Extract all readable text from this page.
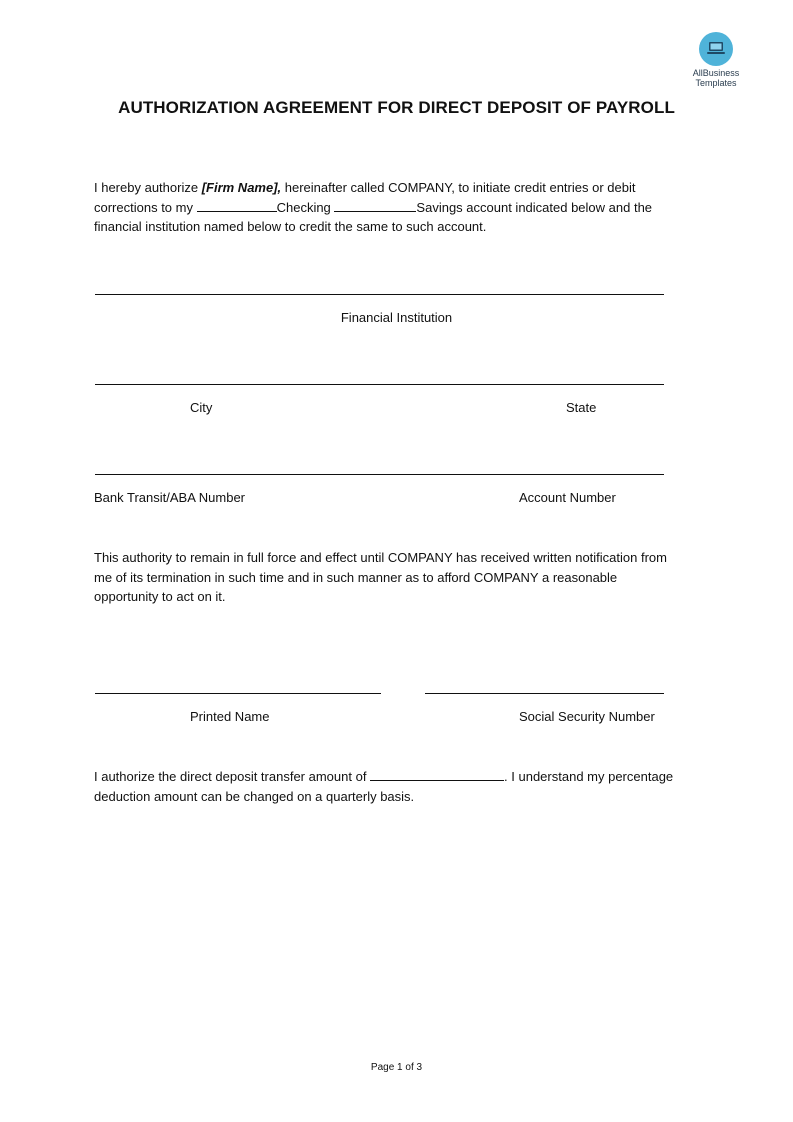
AllBusiness
Templates
AUTHORIZATION AGREEMENT FOR DIRECT DEPOSIT OF PAYROLL
I hereby authorize [Firm Name], hereinafter called COMPANY, to initiate credit entries or debit
corrections to my	Checking	Savings account indicated below and the
financial institution named below to credit the same to such account.
Financial Institution
City	State
Bank Transit/ABA Number	Account Number
This authority to remain in full force and effect until COMPANY has received written notification from
me of its termination in such time and in such manner as to afford COMPANY a reasonable
opportunity to act on it.
Printed Name	Social Security Number
I authorize the direct deposit transfer amount of	. I understand my percentage
deduction amount can be changed on a quarterly basis.
Page 1 of 3
